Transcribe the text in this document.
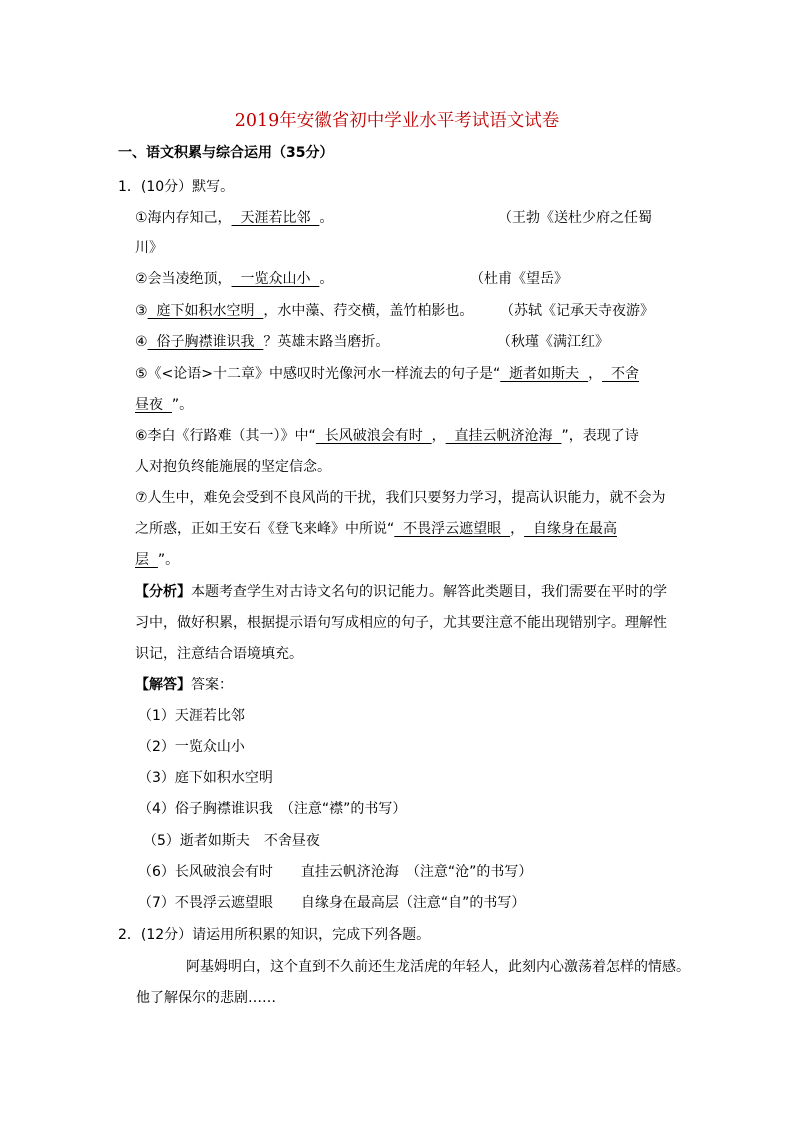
2019年安徽省初中学业水平考试语文试卷
一、语文积累与综合运用（35分）
1．(10分）默写。
①海内存知己，  天涯若比邻  。	（王勃《送杜少府之任蜀
川》
②会当凌绝顶，  一览众山小  。	（杜甫《望岳》
③  庭下如积水空明  ，水中藻、荇交横，盖竹柏影也。 （苏轼《记承天寺夜游》
④  俗子胸襟谁识我  ？英雄末路当磨折。	（秋瑾《满江红》
⑤《<论语>十二章》中感叹时光像河水一样流去的句子是“  逝者如斯夫  ，  不舍
昼夜  ”。
⑥李白《行路难（其一）》中“  长风破浪会有时  ，  直挂云帆济沧海  ”，表现了诗
人对抱负终能施展的坚定信念。
⑦人生中，难免会受到不良风尚的干扰，我们只要努力学习，提高认识能力，就不会为
之所惑，正如王安石《登飞来峰》中所说“  不畏浮云遮望眼  ，  自缘身在最高
层  ”。
【分析】本题考查学生对古诗文名句的识记能力。解答此类题目，我们需要在平时的学
习中，做好积累，根据提示语句写成相应的句子，尤其要注意不能出现错别字。理解性
识记，注意结合语境填充。
【解答】答案：
（1）天涯若比邻
（2）一览众山小
（3）庭下如积水空明
（4）俗子胸襟谁识我　（注意“襟”的书写）
（5）逝者如斯夫　不舍昼夜
（6）长风破浪会有时　　直挂云帆济沧海　（注意“沧”的书写）
（7）不畏浮云遮望眼　　自缘身在最高层（注意“自”的书写）
2．(12分）请运用所积累的知识，完成下列各题。
阿基姆明白，这个直到不久前还生龙活虎的年轻人，此刻内心激荡着怎样的情感。
他了解保尔的悲剧……
